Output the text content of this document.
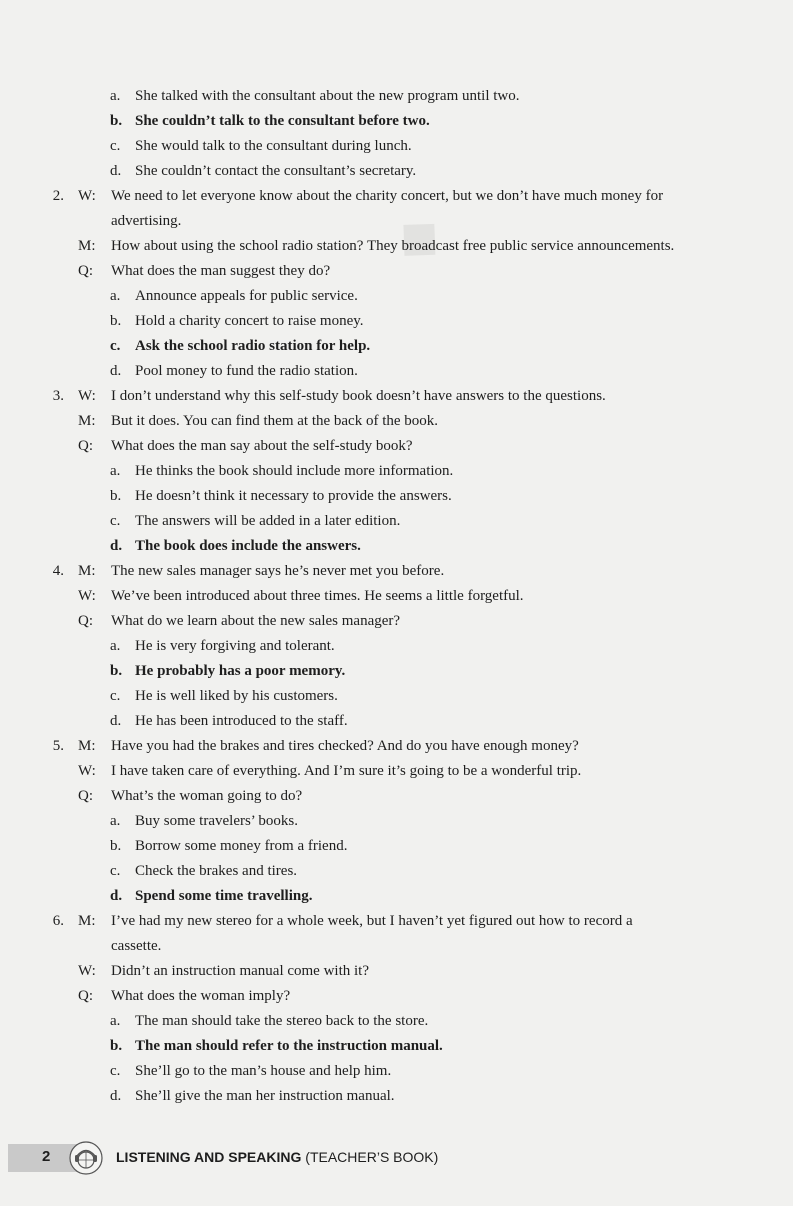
■
a. She talked with the consultant about the new program until two.
b. She couldn’t talk to the consultant before two.
c. She would talk to the consultant during lunch.
d. She couldn’t contact the consultant’s secretary.
2. W: We need to let everyone know about the charity concert, but we don’t have much money for
advertising.
M: How about using the school radio station? They broadcast free public service announcements.
Q: What does the man suggest they do?
a. Announce appeals for public service.
b. Hold a charity concert to raise money.
c. Ask the school radio station for help.
d. Pool money to fund the radio station.
3. W: I don’t understand why this self-study book doesn’t have answers to the questions.
M: But it does. You can find them at the back of the book.
Q: What does the man say about the self-study book?
a. He thinks the book should include more information.
b. He doesn’t think it necessary to provide the answers.
c. The answers will be added in a later edition.
d. The book does include the answers.
4. M: The new sales manager says he’s never met you before.
W: We’ve been introduced about three times. He seems a little forgetful.
Q: What do we learn about the new sales manager?
a. He is very forgiving and tolerant.
b. He probably has a poor memory.
c. He is well liked by his customers.
d. He has been introduced to the staff.
5. M: Have you had the brakes and tires checked? And do you have enough money?
W: I have taken care of everything. And I’m sure it’s going to be a wonderful trip.
Q: What’s the woman going to do?
a. Buy some travelers’ books.
b. Borrow some money from a friend.
c. Check the brakes and tires.
d. Spend some time travelling.
6. M: I’ve had my new stereo for a whole week, but I haven’t yet figured out how to record a
cassette.
W: Didn’t an instruction manual come with it?
Q: What does the woman imply?
a. The man should take the stereo back to the store.
b. The man should refer to the instruction manual.
c. She’ll go to the man’s house and help him.
d. She’ll give the man her instruction manual.
2	LISTENING AND SPEAKING (TEACHER’S BOOK)
